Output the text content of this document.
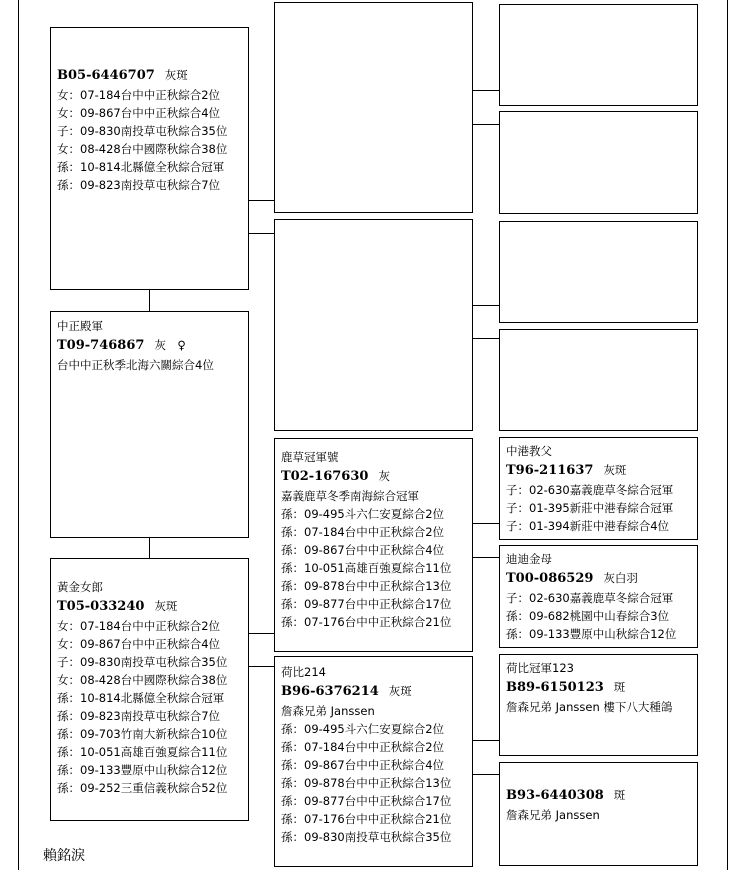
B05-6446707 灰斑
女：07-184台中中正秋綜合2位
女：09-867台中中正秋綜合4位
子：09-830南投草屯秋綜合35位
女：08-428台中國際秋綜合38位
孫：10-814北縣億全秋綜合冠軍
孫：09-823南投草屯秋綜合7位
中正殿軍
T09-746867 灰　♀
台中中正秋季北海六關綜合4位
黃金女郎
T05-033240 灰斑
女：07-184台中中正秋綜合2位
女：09-867台中中正秋綜合4位
子：09-830南投草屯秋綜合35位
女：08-428台中國際秋綜合38位
孫：10-814北縣億全秋綜合冠軍
孫：09-823南投草屯秋綜合7位
孫：09-703竹南大新秋綜合10位
孫：10-051高雄百強夏綜合11位
孫：09-133豐原中山秋綜合12位
孫：09-252三重信義秋綜合52位
鹿草冠軍號
T02-167630 灰
嘉義鹿草冬季南海綜合冠軍
孫：09-495斗六仁安夏綜合2位
孫：07-184台中中正秋綜合2位
孫：09-867台中中正秋綜合4位
孫：10-051高雄百強夏綜合11位
孫：09-878台中中正秋綜合13位
孫：09-877台中中正秋綜合17位
孫：07-176台中中正秋綜合21位
荷比214
B96-6376214 灰斑
詹森兄弟 Janssen
孫：09-495斗六仁安夏綜合2位
孫：07-184台中中正秋綜合2位
孫：09-867台中中正秋綜合4位
孫：09-878台中中正秋綜合13位
孫：09-877台中中正秋綜合17位
孫：07-176台中中正秋綜合21位
孫：09-830南投草屯秋綜合35位
中港教父
T96-211637 灰斑
子：02-630嘉義鹿草冬綜合冠軍
子：01-395新莊中港春綜合冠軍
子：01-394新莊中港春綜合4位
迪迪金母
T00-086529 灰白羽
子：02-630嘉義鹿草冬綜合冠軍
孫：09-682桃園中山春綜合3位
孫：09-133豐原中山秋綜合12位
荷比冠軍123
B89-6150123 斑
詹森兄弟 Janssen 樓下八大種鴿
B93-6440308 斑
詹森兄弟 Janssen
賴銘淚
